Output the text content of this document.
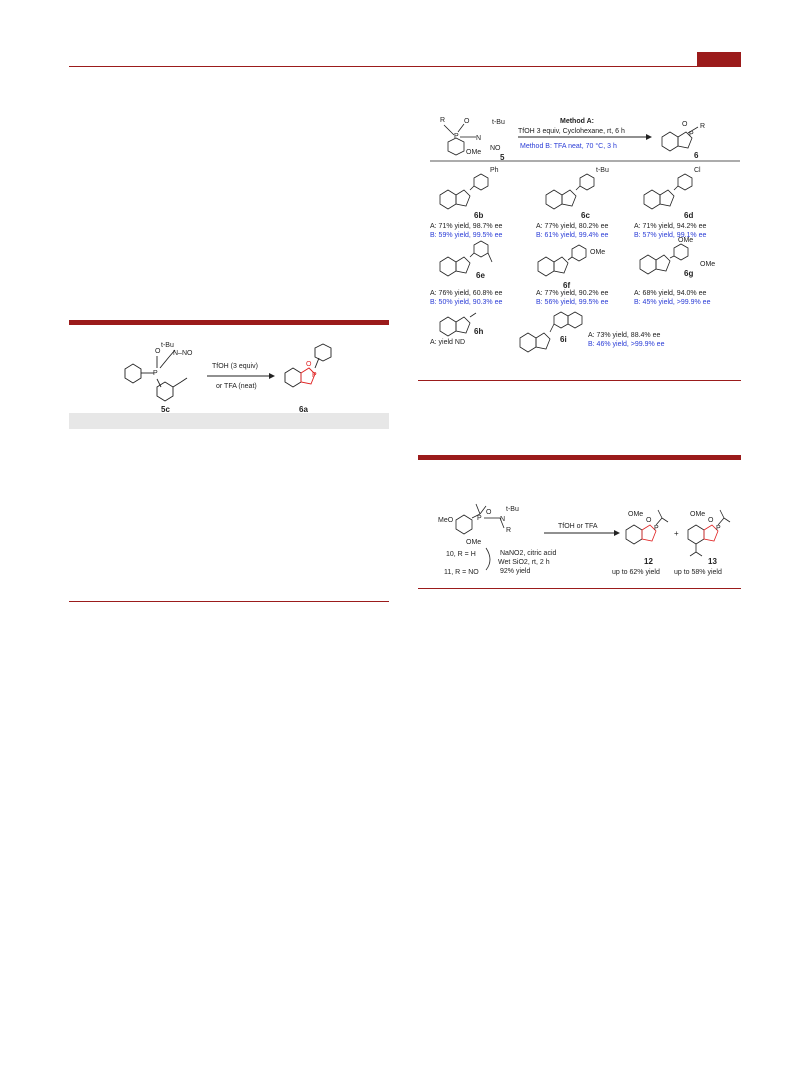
P
O
t-Bu
N–NO
5c
TfOH (3 equiv)
or TFA (neat)
O
P
6a
R	O
P
t-Bu
N
NO
OMe
5
Method A:
TfOH 3 equiv, Cyclohexane, rt, 6 h
Method B: TFA neat, 70 °C, 3 h
O
P
R
6
Ph
6b
A: 71% yield, 98.7% ee
B: 59% yield, 99.5% ee
t-Bu
6c
A: 77% yield, 80.2% ee
B: 61% yield, 99.4% ee
Cl
6d
A: 71% yield, 94.2% ee
B: 57% yield, 99.1% ee
6e
A: 76% yield, 60.8% ee
B: 50% yield, 90.3% ee
OMe
6f
A: 77% yield, 90.2% ee
B: 56% yield, 99.5% ee
OMe
OMe
6g
A: 68% yield, 94.0% ee
B: 45% yield, >99.9% ee
6h
A: yield ND	6i	A: 73% yield, 88.4% ee
B: 46% yield, >99.9% ee
MeO
OMe
O
P
t-Bu
N
R
10, R = H
11, R = NO
NaNO2, citric acid
Wet SiO2, rt, 2 h
92% yield
TfOH or TFA
OMe
O
P
12
up to 62% yield
+
OMe
O
P
13
up to 58% yield
